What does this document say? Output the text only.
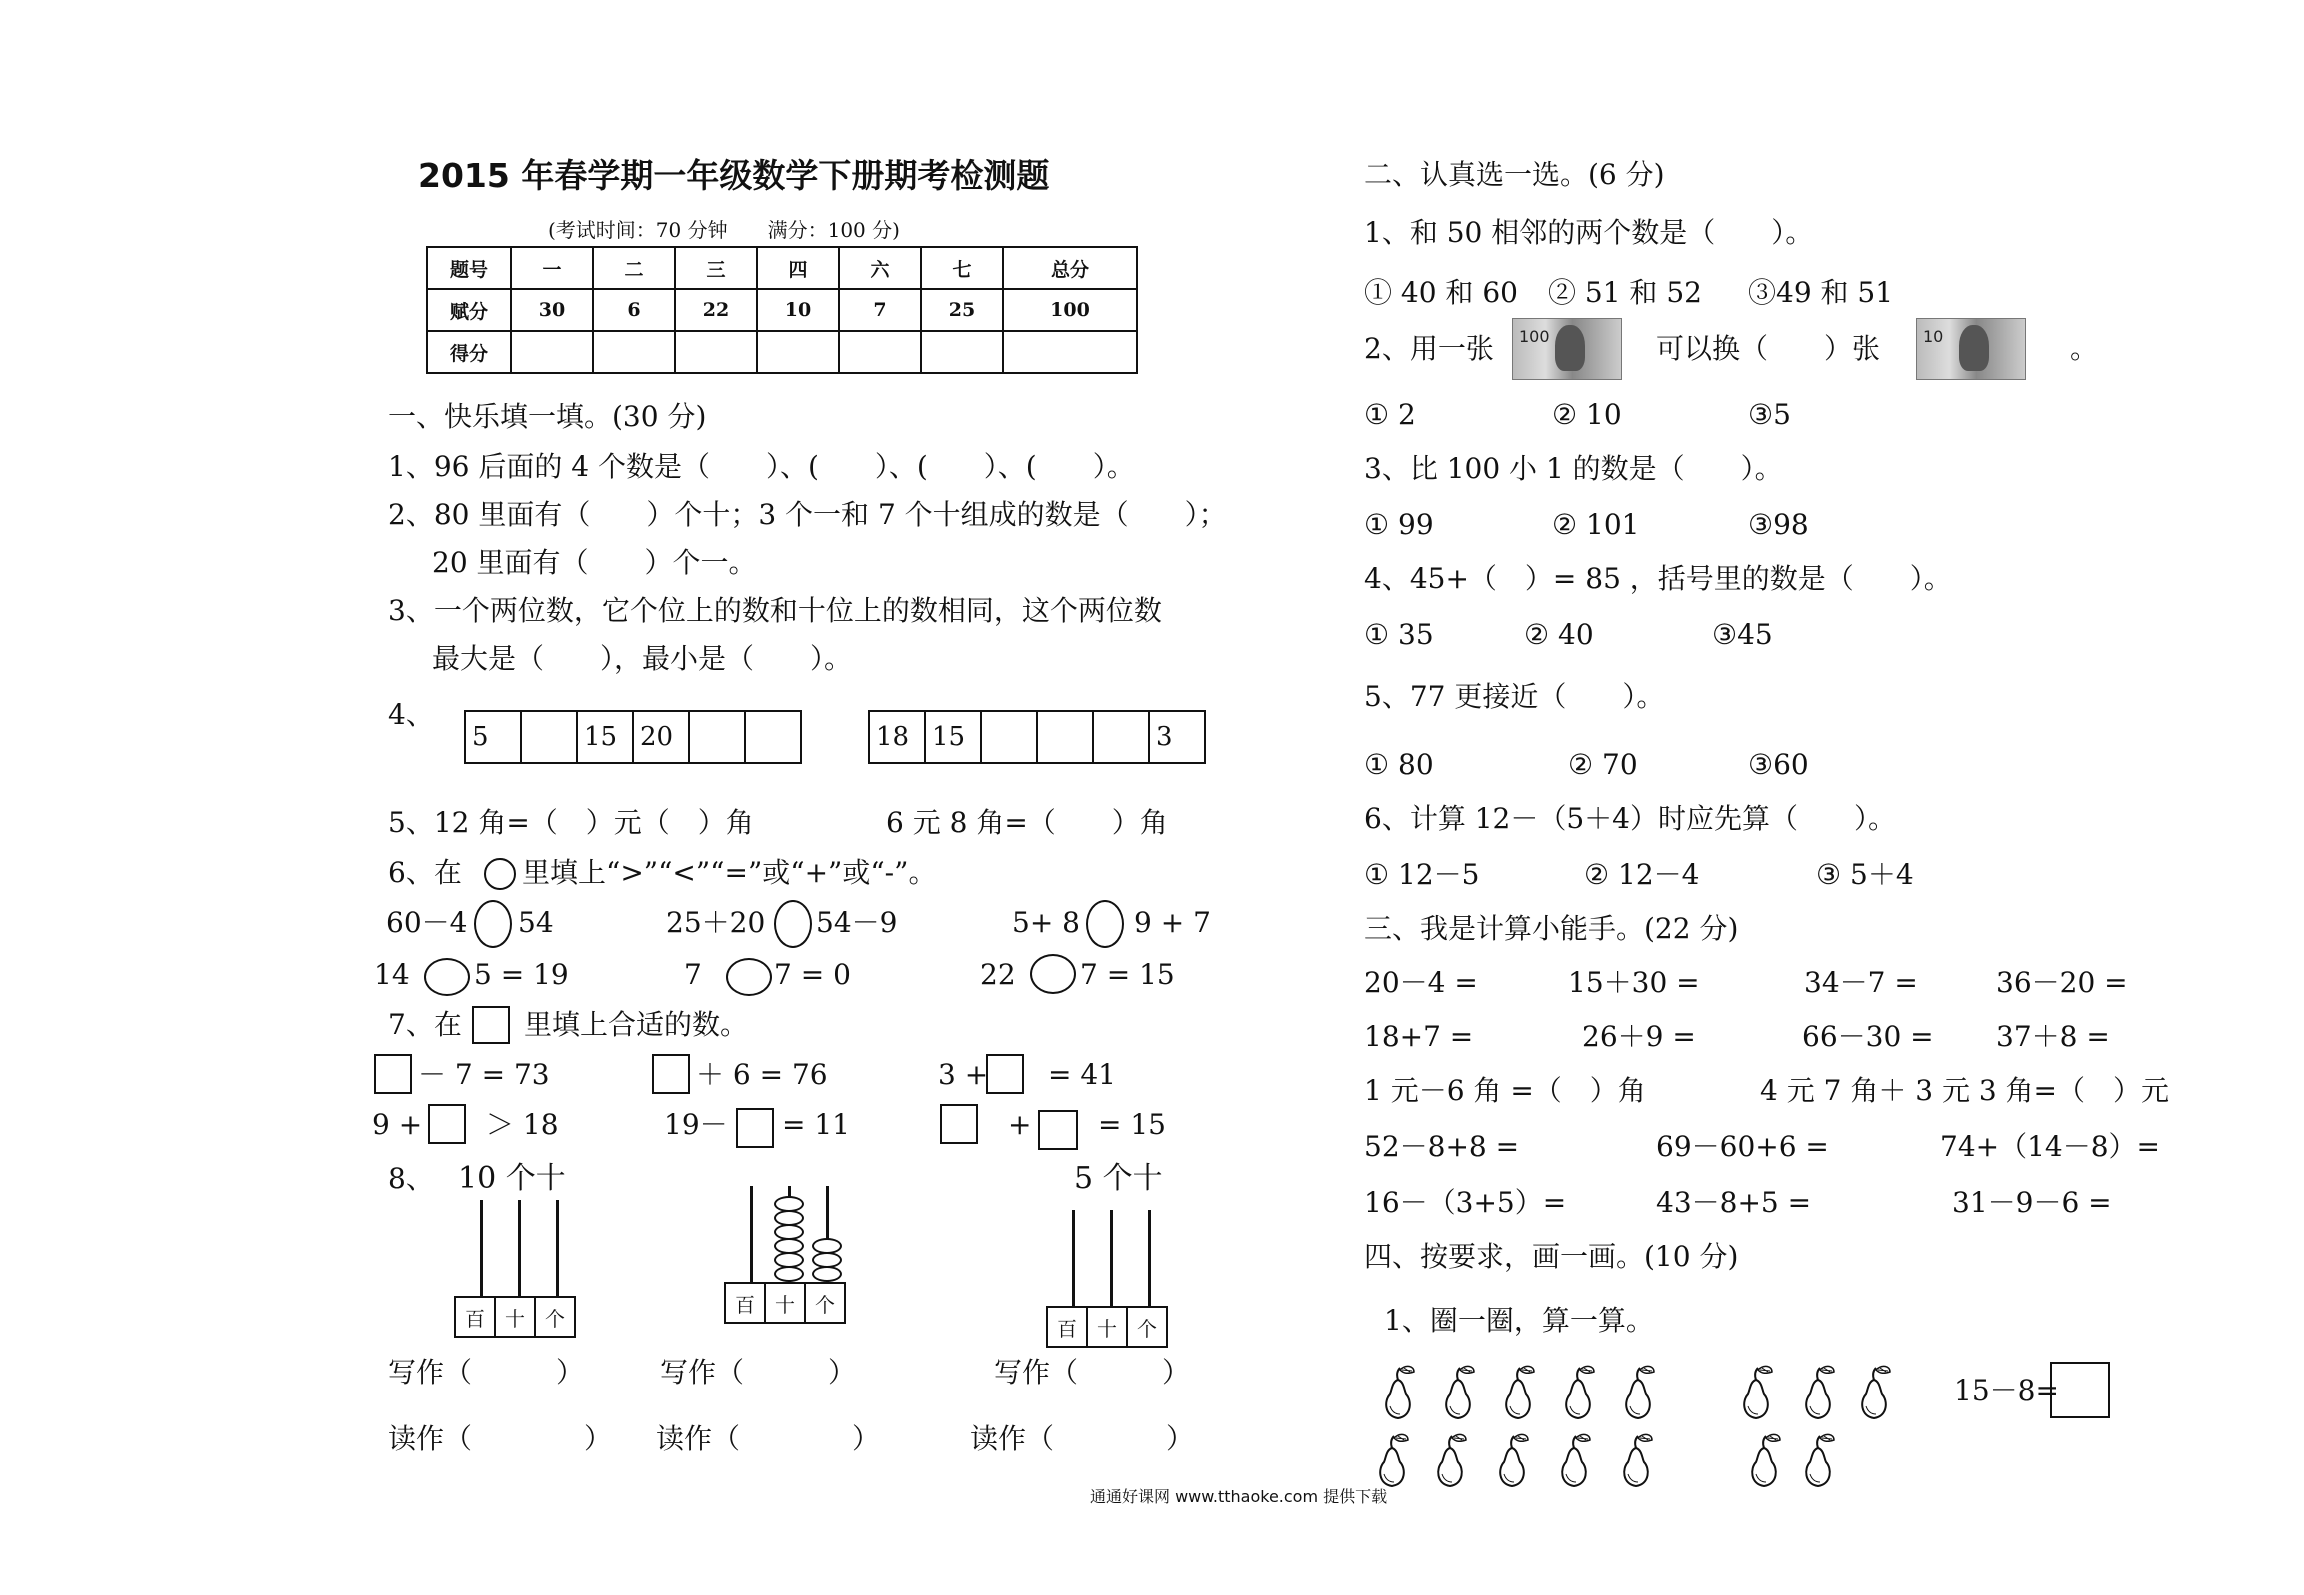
2015 年春学期一年级数学下册期考检测题
(考试时间：70 分钟　　满分：100 分)
题号	一	二	三	四	六	七	总分
赋分	30	6	22	10	7	25	100
得分							
一、快乐填一填。(30 分)
1、96 后面的 4 个数是（　　）、(　　）、(　　）、(　　）。
2、80 里面有（　　）个十；3 个一和 7 个十组成的数是（　　）；
20 里面有（　　）个一。
3、一个两位数，它个位上的数和十位上的数相同，这个两位数
最大是（　　），最小是（　　）。
4、
5		15	20			18	15				3
5、12 角=（　）元（　）角	6 元 8 角=（　　）角
6、在 里填上“>”“<”“=”或“+”或“-”。
60－4 54	25＋20 54－9	5+ 8 9 + 7
14 5 = 19	7	7 = 0	22 7 = 15
7、在 里填上合适的数。
－ 7 = 73	＋ 6 = 76	3 + = 41
9 + ＞ 18	19－ = 11	+ = 15
8、 10 个十	5 个十
百	十	个
百	十	个
百	十	个
写作（　　　）	写作（　　　）	写作（　　　）
读作（　　　　） 读作（　　　　）	读作（　　　　）
二、认真选一选。(6 分)
1、和 50 相邻的两个数是（　　）。
① 40 和 60 ② 51 和 52 ③49 和 51
2、用一张 100	可以换（　　）张	10	。
① 2	② 10	③5
3、比 100 小 1 的数是（　　）。
① 99	② 101	③98
4、45+（　）= 85 ，括号里的数是（　　）。
① 35	② 40	③45
5、77 更接近（　　）。
① 80	② 70	③60
6、计算 12－（5＋4）时应先算（　　）。
① 12－5	② 12－4	③ 5＋4
三、我是计算小能手。(22 分)
20－4 =	15＋30 =	34－7 =	36－20 =
18+7 =	26＋9 =	66－30 = 37＋8 =
1 元－6 角 =（　）角	4 元 7 角＋ 3 元 3 角=（　）元
52－8+8 =	69－60+6 =	74+（14－8）=
16－（3+5）=	43－8+5 =	31－9－6 =
四、按要求，画一画。(10 分)
1、圈一圈，算一算。
15－8=
通通好课网 www.tthaoke.com 提供下载
